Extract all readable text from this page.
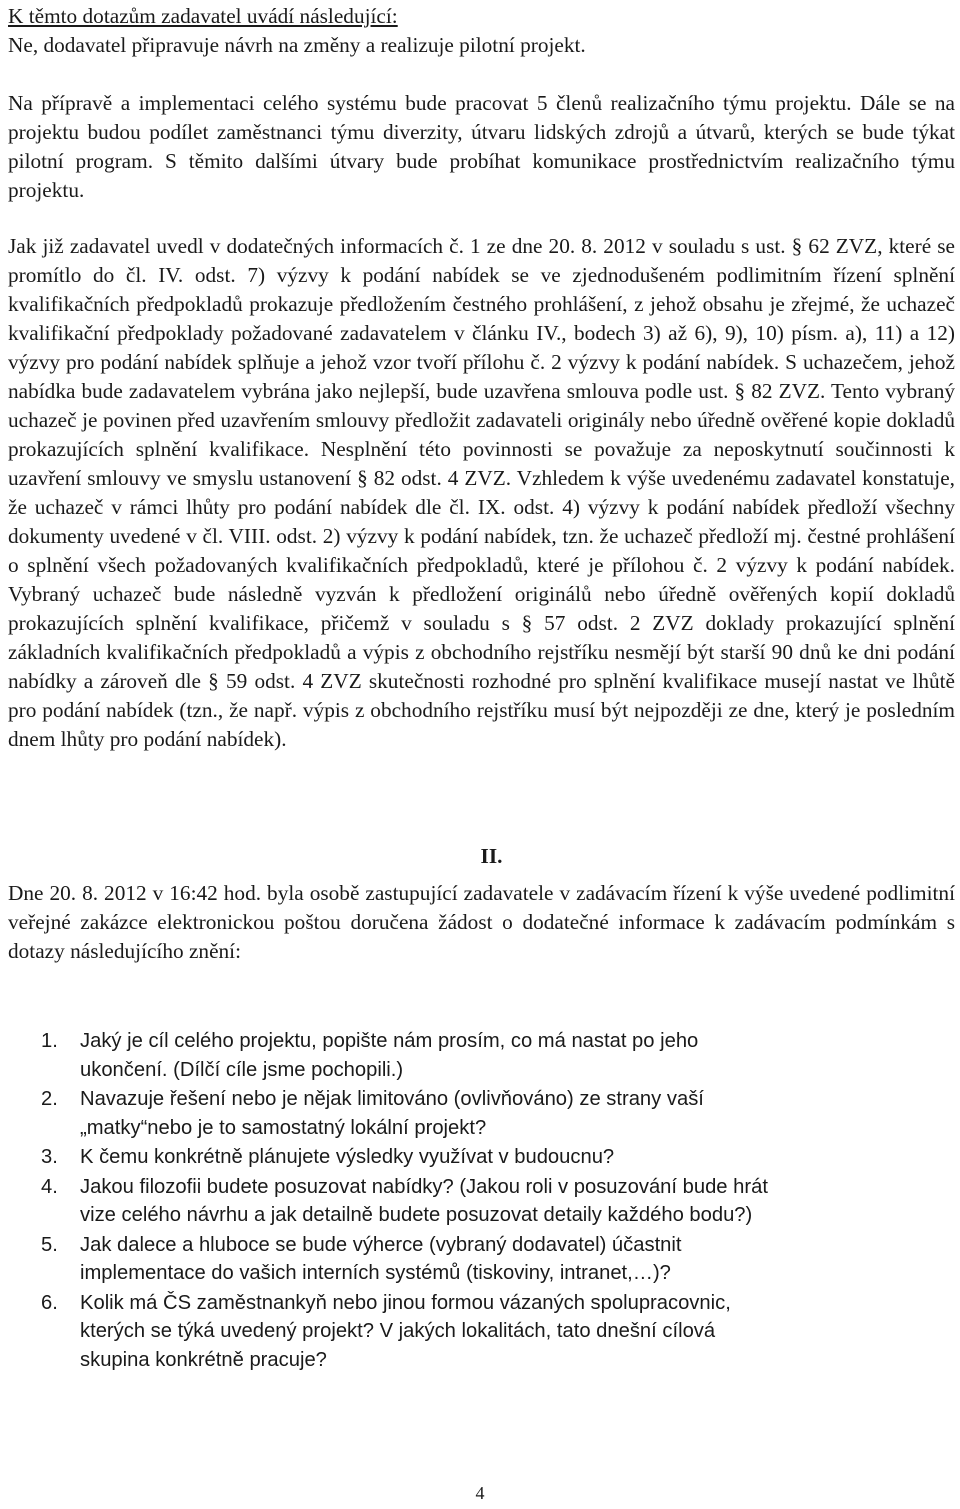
K těmto dotazům zadavatel uvádí následující:

Ne, dodavatel připravuje návrh na změny a realizuje pilotní projekt.

Na přípravě a implementaci celého systému bude pracovat 5 členů realizačního týmu projektu. Dále se na projektu budou podílet zaměstnanci týmu diverzity, útvaru lidských zdrojů a útvarů, kterých se bude týkat pilotní program. S těmito dalšími útvary bude probíhat komunikace prostřednictvím realizačního týmu projektu.

Jak již zadavatel uvedl v dodatečných informacích č. 1 ze dne 20. 8. 2012 v souladu s ust. § 62 ZVZ, které se promítlo do čl. IV. odst. 7) výzvy k podání nabídek se ve zjednodušeném podlimitním řízení splnění kvalifikačních předpokladů prokazuje předložením čestného prohlášení, z jehož obsahu je zřejmé, že uchazeč kvalifikační předpoklady požadované zadavatelem v článku IV., bodech 3) až 6), 9), 10) písm. a), 11) a 12) výzvy pro podání nabídek splňuje a jehož vzor tvoří přílohu č. 2 výzvy k podání nabídek. S uchazečem, jehož nabídka bude zadavatelem vybrána jako nejlepší, bude uzavřena smlouva podle ust. § 82 ZVZ. Tento vybraný uchazeč je povinen před uzavřením smlouvy předložit zadavateli originály nebo úředně ověřené kopie dokladů prokazujících splnění kvalifikace. Nesplnění této povinnosti se považuje za neposkytnutí součinnosti k uzavření smlouvy ve smyslu ustanovení § 82 odst. 4 ZVZ. Vzhledem k výše uvedenému zadavatel konstatuje, že uchazeč v rámci lhůty pro podání nabídek dle čl. IX. odst. 4) výzvy k podání nabídek předloží všechny dokumenty uvedené v čl. VIII. odst. 2) výzvy k podání nabídek, tzn. že uchazeč předloží mj. čestné prohlášení o splnění všech požadovaných kvalifikačních předpokladů, které je přílohou č. 2 výzvy k podání nabídek. Vybraný uchazeč bude následně vyzván k předložení originálů nebo úředně ověřených kopií dokladů prokazujících splnění kvalifikace, přičemž v souladu s § 57 odst. 2 ZVZ doklady prokazující splnění základních kvalifikačních předpokladů a výpis z obchodního rejstříku nesmějí být starší 90 dnů ke dni podání nabídky a zároveň dle § 59 odst. 4 ZVZ skutečnosti rozhodné pro splnění kvalifikace musejí nastat ve lhůtě pro podání nabídek (tzn., že např. výpis z obchodního rejstříku musí být nejpozději ze dne, který je posledním dnem lhůty pro podání nabídek).

II.

Dne 20. 8. 2012 v 16:42 hod. byla osobě zastupující zadavatele v zadávacím řízení k výše uvedené podlimitní veřejné zakázce elektronickou poštou doručena žádost o dodatečné informace k zadávacím podmínkám s dotazy následujícího znění:

1. Jaký je cíl celého projektu, popište nám prosím, co má nastat po jeho ukončení. (Dílčí cíle jsme pochopili.)
2. Navazuje řešení nebo je nějak limitováno (ovlivňováno) ze strany vaší „matky“nebo je to samostatný lokální projekt?
3. K čemu konkrétně plánujete výsledky využívat v budoucnu?
4. Jakou filozofii budete posuzovat nabídky? (Jakou roli v posuzování bude hrát vize celého návrhu a jak detailně budete posuzovat detaily každého bodu?)
5. Jak dalece a hluboce se bude výherce (vybraný dodavatel) účastnit implementace do vašich interních systémů (tiskoviny, intranet,…)?
6. Kolik má ČS zaměstnankyň nebo jinou formou vázaných spolupracovnic, kterých se týká uvedený projekt? V jakých lokalitách, tato dnešní cílová skupina konkrétně pracuje?
4
